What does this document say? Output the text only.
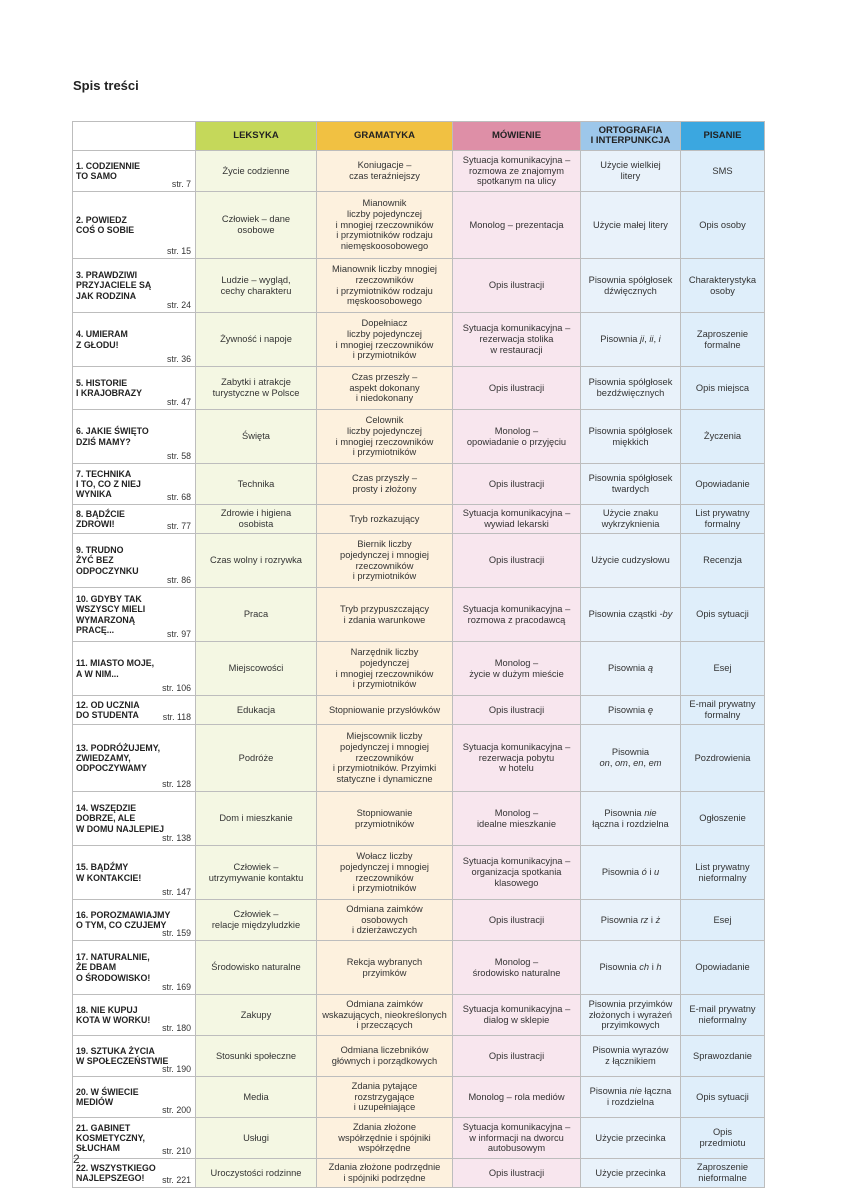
Spis treści
	LEKSYKA	GRAMATYKA	MÓWIENIE	ORTOGRAFIA
I INTERPUNKCJA	PISANIE

1. CODZIENNIE
TO SAMO
str. 7	Życie codzienne	Koniugacje –
czas teraźniejszy	Sytuacja komunikacyjna –
rozmowa ze znajomym
spotkanym na ulicy	Użycie wielkiej
litery	SMS

2. POWIEDZ
COŚ O SOBIE
str. 15	Człowiek – dane
osobowe	Mianownik
liczby pojedynczej
i mnogiej rzeczowników
i przymiotników rodzaju
niemęskoosobowego	Monolog – prezentacja	Użycie małej litery	Opis osoby

3. PRAWDZIWI
PRZYJACIELE SĄ
JAK RODZINA
str. 24	Ludzie – wygląd,
cechy charakteru	Mianownik liczby mnogiej
rzeczowników
i przymiotników rodzaju
męskoosobowego	Opis ilustracji	Pisownia spółgłosek
dźwięcznych	Charakterystyka
osoby

4. UMIERAM
Z GŁODU!
str. 36	Żywność i napoje	Dopełniacz
liczby pojedynczej
i mnogiej rzeczowników
i przymiotników	Sytuacja komunikacyjna –
rezerwacja stolika
w restauracji	Pisownia ji, ii, i	Zaproszenie
formalne

5. HISTORIE
I KRAJOBRAZY
str. 47	Zabytki i atrakcje
turystyczne w Polsce	Czas przeszły –
aspekt dokonany
i niedokonany	Opis ilustracji	Pisownia spółgłosek
bezdźwięcznych	Opis miejsca

6. JAKIE ŚWIĘTO
DZIŚ MAMY?
str. 58	Święta	Celownik
liczby pojedynczej
i mnogiej rzeczowników
i przymiotników	Monolog –
opowiadanie o przyjęciu	Pisownia spółgłosek
miękkich	Życzenia

7. TECHNIKA
I TO, CO Z NIEJ
WYNIKA str. 68	Technika	Czas przyszły –
prosty i złożony	Opis ilustracji	Pisownia spółgłosek
twardych	Opowiadanie

8. BĄDŹCIE
ZDROWI! str. 77	Zdrowie i higiena
osobista	Tryb rozkazujący	Sytuacja komunikacyjna –
wywiad lekarski	Użycie znaku
wykrzyknienia	List prywatny
formalny

9. TRUDNO
ŻYĆ BEZ
ODPOCZYNKU
str. 86	Czas wolny i rozrywka	Biernik liczby
pojedynczej i mnogiej
rzeczowników
i przymiotników	Opis ilustracji	Użycie cudzysłowu	Recenzja

10. GDYBY TAK
WSZYSCY MIELI
WYMARZONĄ
PRACĘ... str. 97	Praca	Tryb przypuszczający
i zdania warunkowe	Sytuacja komunikacyjna –
rozmowa z pracodawcą	Pisownia cząstki -by	Opis sytuacji

11. MIASTO MOJE,
A W NIM...
str. 106	Miejscowości	Narzędnik liczby
pojedynczej
i mnogiej rzeczowników
i przymiotników	Monolog –
życie w dużym mieście	Pisownia ą	Esej

12. OD UCZNIA
DO STUDENTA str. 118	Edukacja	Stopniowanie przysłówków	Opis ilustracji	Pisownia ę	E-mail prywatny
formalny

13. PODRÓŻUJEMY,
ZWIEDZAMY,
ODPOCZYWAMY
str. 128	Podróże	Miejscownik liczby
pojedynczej i mnogiej
rzeczowników
i przymiotników. Przyimki
statyczne i dynamiczne	Sytuacja komunikacyjna –
rezerwacja pobytu
w hotelu	Pisownia
on, om, en, em	Pozdrowienia

14. WSZĘDZIE
DOBRZE, ALE
W DOMU NAJLEPIEJ
str. 138	Dom i mieszkanie	Stopniowanie
przymiotników	Monolog –
idealne mieszkanie	Pisownia nie
łączna i rozdzielna	Ogłoszenie

15. BĄDŹMY
W KONTAKCIE!
str. 147	Człowiek –
utrzymywanie kontaktu	Wołacz liczby
pojedynczej i mnogiej
rzeczowników
i przymiotników	Sytuacja komunikacyjna –
organizacja spotkania
klasowego	Pisownia ó i u	List prywatny
nieformalny

16. POROZMAWIAJMY
O TYM, CO CZUJEMY
str. 159	Człowiek –
relacje międzyludzkie	Odmiana zaimków
osobowych
i dzierżawczych	Opis ilustracji	Pisownia rz i ż	Esej

17. NATURALNIE,
ŻE DBAM
O ŚRODOWISKO!
str. 169	Środowisko naturalne	Rekcja wybranych
przyimków	Monolog –
środowisko naturalne	Pisownia ch i h	Opowiadanie

18. NIE KUPUJ
KOTA W WORKU!
str. 180	Zakupy	Odmiana zaimków
wskazujących, nieokreślonych
i przeczących	Sytuacja komunikacyjna –
dialog w sklepie	Pisownia przyimków
złożonych i wyrażeń
przyimkowych	E-mail prywatny
nieformalny

19. SZTUKA ŻYCIA
W SPOŁECZEŃSTWIE
str. 190	Stosunki społeczne	Odmiana liczebników
głównych i porządkowych	Opis ilustracji	Pisownia wyrazów
z łącznikiem	Sprawozdanie

20. W ŚWIECIE
MEDIÓW
str. 200	Media	Zdania pytające
rozstrzygające
i uzupełniające	Monolog – rola mediów	Pisownia nie łączna
i rozdzielna	Opis sytuacji

21. GABINET
KOSMETYCZNY,
SŁUCHAM str. 210	Usługi	Zdania złożone
współrzędnie i spójniki
współrzędne	Sytuacja komunikacyjna –
w informacji na dworcu
autobusowym	Użycie przecinka	Opis
przedmiotu

22. WSZYSTKIEGO
NAJLEPSZEGO! str. 221	Uroczystości rodzinne	Zdania złożone podrzędnie
i spójniki podrzędne	Opis ilustracji	Użycie przecinka	Zaproszenie
nieformalne
2
